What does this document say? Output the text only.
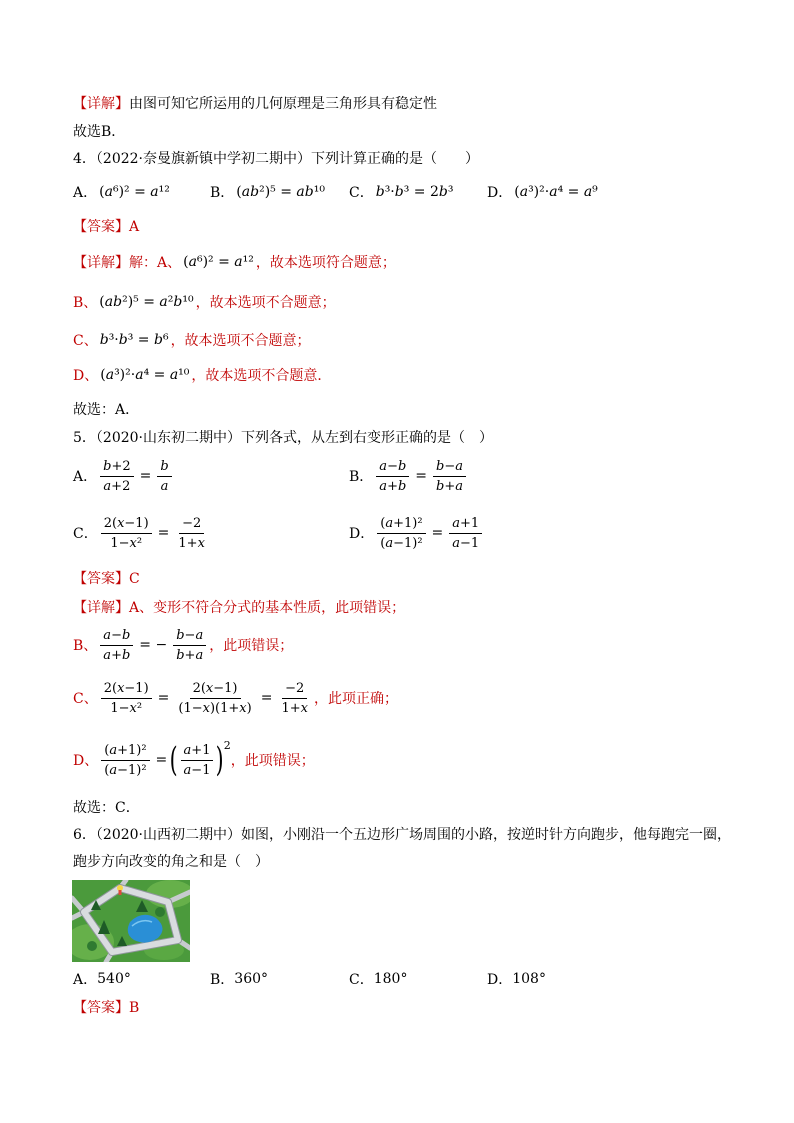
【详解】 由图可知它所运用的几何原理是三角形具有稳定性
故选B．
4．（2022·奈曼旗新镇中学初二期中）下列计算正确的是（　　）
A． (a⁶)² = a¹²	B． (ab²)⁵ = ab¹⁰ C． b³·b³ = 2b³ D． (a³)²·a⁴ = a⁹
【答案】A
【详解】 解：A、 (a⁶)² = a¹² ，故本选项符合题意；
B、 (ab²)⁵ = a²b¹⁰ ，故本选项不合题意；
C、 b³·b³ = b⁶ ，故本选项不合题意；
D、 (a³)²·a⁴ = a¹⁰ ，故本选项不合题意．
故选：A．
5．（2020·山东初二期中）下列各式，从左到右变形正确的是（　）
A． $\frac{b+2}{a+2} = \frac{b}{a}$	B． $\frac{a-b}{a+b} = \frac{b-a}{b+a}$
C． $\frac{2(x-1)}{\text{1−x²}} = \frac{-2}{1+x}$	D． $\frac{\text{(a+1)²}}{\text{(a−1)²}} = \frac{a+1}{a-1}$
【答案】C
【详解】 A、变形不符合分式的基本性质，此项错误；
B、 $\frac{a-b}{a+b}$ = − $\frac{b-a}{b+a}$ ，此项错误；
C、 $\frac{2(x-1)}{\text{1−x²}} = \frac{2(x-1)}{(1-x)(1+x)} = \frac{-2}{1+x}$ ，此项正确；
D、 $\frac{\text{(a+1)²}}{\text{(a−1)²}}$ = ( $\frac{a+1}{a-1}$ ) 2
，此项错误；
故选：C．
6．（2020·山西初二期中）如图，小刚沿一个五边形广场周围的小路，按逆时针方向跑步，他每跑完一圈，
跑步方向改变的角之和是（　）
A． 540°	B． 360°	C． 180°	D． 108°
【答案】B
